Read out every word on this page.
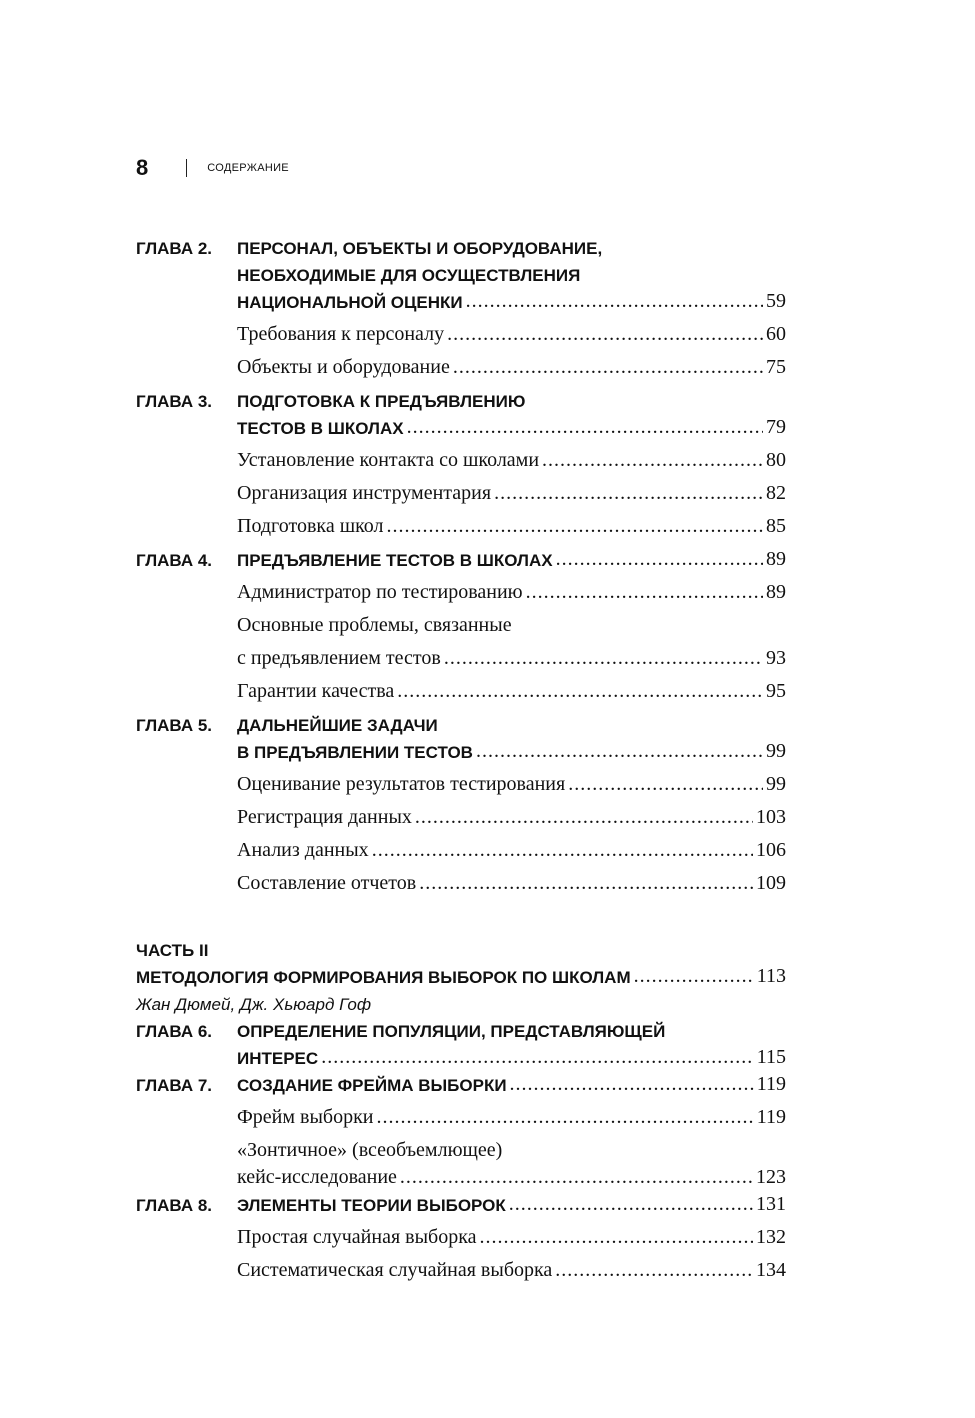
8	СОДЕРЖАНИЕ
ГЛАВА 2.	ПЕРСОНАЛ, ОБЪЕКТЫ И ОБОРУДОВАНИЕ,
НЕОБХОДИМЫЕ ДЛЯ ОСУЩЕСТВЛЕНИЯ
НАЦИОНАЛЬНОЙ ОЦЕНКИ .....	59
Требования к персоналу .....	60
Объекты и оборудование .....	75
ГЛАВА 3.	ПОДГОТОВКА К ПРЕДЪЯВЛЕНИЮ
ТЕСТОВ В ШКОЛАХ .....	79
Установление контакта со школами .....	80
Организация инструментария .....	82
Подготовка школ .....	85
ГЛАВА 4.	ПРЕДЪЯВЛЕНИЕ ТЕСТОВ В ШКОЛАХ .....	89
Администратор по тестированию .....	89
Основные проблемы, связанные
с предъявлением тестов .....	93
Гарантии качества .....	95
ГЛАВА 5.	ДАЛЬНЕЙШИЕ ЗАДАЧИ
В ПРЕДЪЯВЛЕНИИ ТЕСТОВ .....	99
Оценивание результатов тестирования .....	99
Регистрация данных .....	103
Анализ данных .....	106
Составление отчетов .....	109
ЧАСТЬ II
МЕТОДОЛОГИЯ ФОРМИРОВАНИЯ ВЫБОРОК ПО ШКОЛАМ .....	113
Жан Дюмей, Дж. Хьюард Гоф
ГЛАВА 6.	ОПРЕДЕЛЕНИЕ ПОПУЛЯЦИИ, ПРЕДСТАВЛЯЮЩЕЙ
ИНТЕРЕС .....	115
ГЛАВА 7.	СОЗДАНИЕ ФРЕЙМА ВЫБОРКИ .....	119
Фрейм выборки .....	119
«Зонтичное» (всеобъемлющее)
кейс-исследование .....	123
ГЛАВА 8.	ЭЛЕМЕНТЫ ТЕОРИИ ВЫБОРОК .....	131
Простая случайная выборка .....	132
Систематическая случайная выборка .....	134
